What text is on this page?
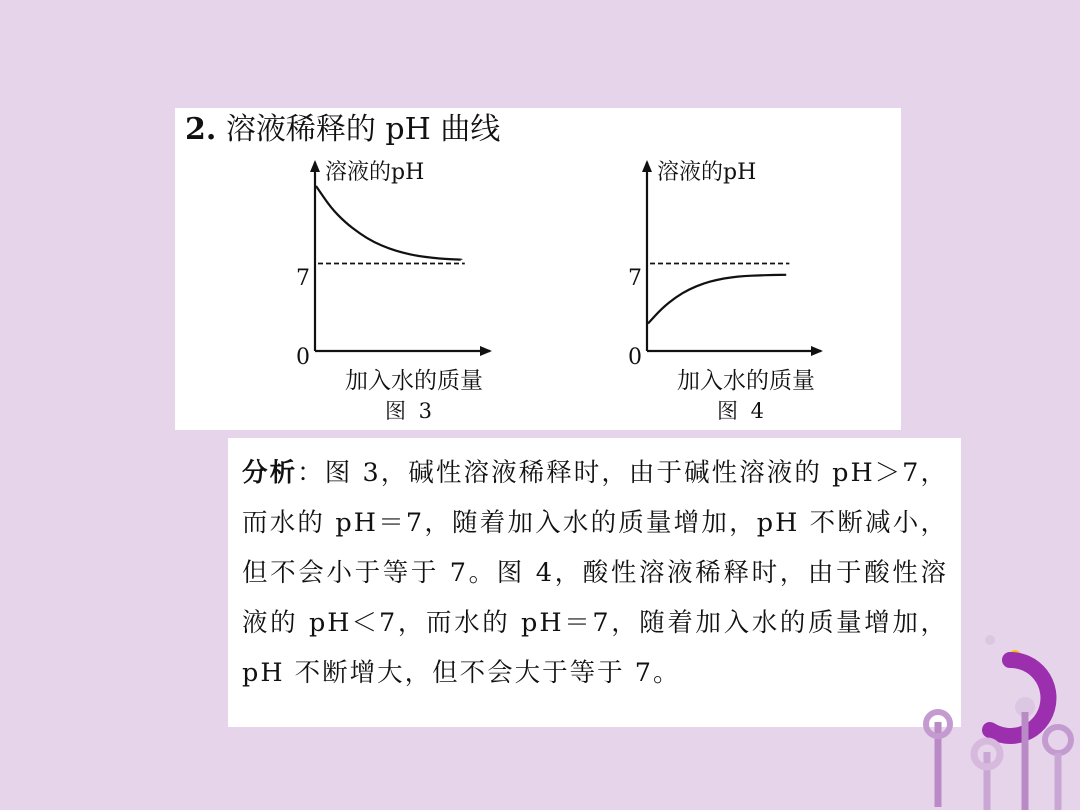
2. 溶液稀释的 pH 曲线
溶液的pH
加入水的质量
0
7
图 3
溶液的pH
加入水的质量
0
7
图 4
分析：图 3，碱性溶液稀释时，由于碱性溶液的 pH＞7，而水的 pH＝7，随着加入水的质量增加，pH 不断减小，但不会小于等于 7。图 4，酸性溶液稀释时，由于酸性溶液的 pH＜7，而水的 pH＝7，随着加入水的质量增加，pH 不断增大，但不会大于等于 7。
